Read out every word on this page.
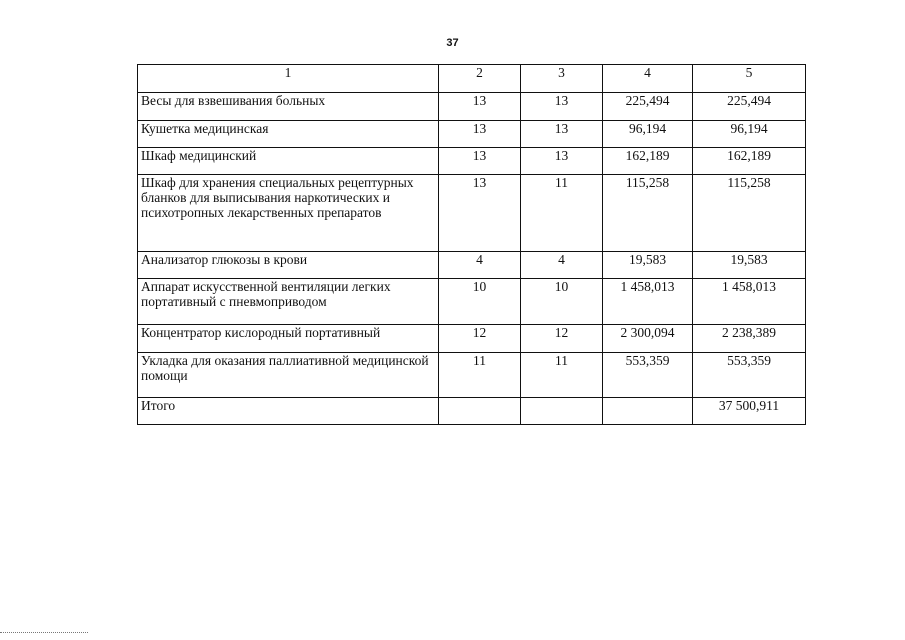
37
1	2	3	4	5
Весы для взвешивания больных	13	13	225,494	225,494
Кушетка медицинская	13	13	96,194	96,194
Шкаф медицинский	13	13	162,189	162,189
Шкаф для хранения специальных рецептурных бланков для выписывания наркотических и психотропных лекарственных препаратов	13	11	115,258	115,258
Анализатор глюкозы в крови	4	4	19,583	19,583
Аппарат искусственной вентиляции легких портативный с пневмоприводом	10	10	1 458,013	1 458,013
Концентратор кислородный портативный	12	12	2 300,094	2 238,389
Укладка для оказания паллиативной медицинской помощи	11	11	553,359	553,359
Итого				37 500,911
